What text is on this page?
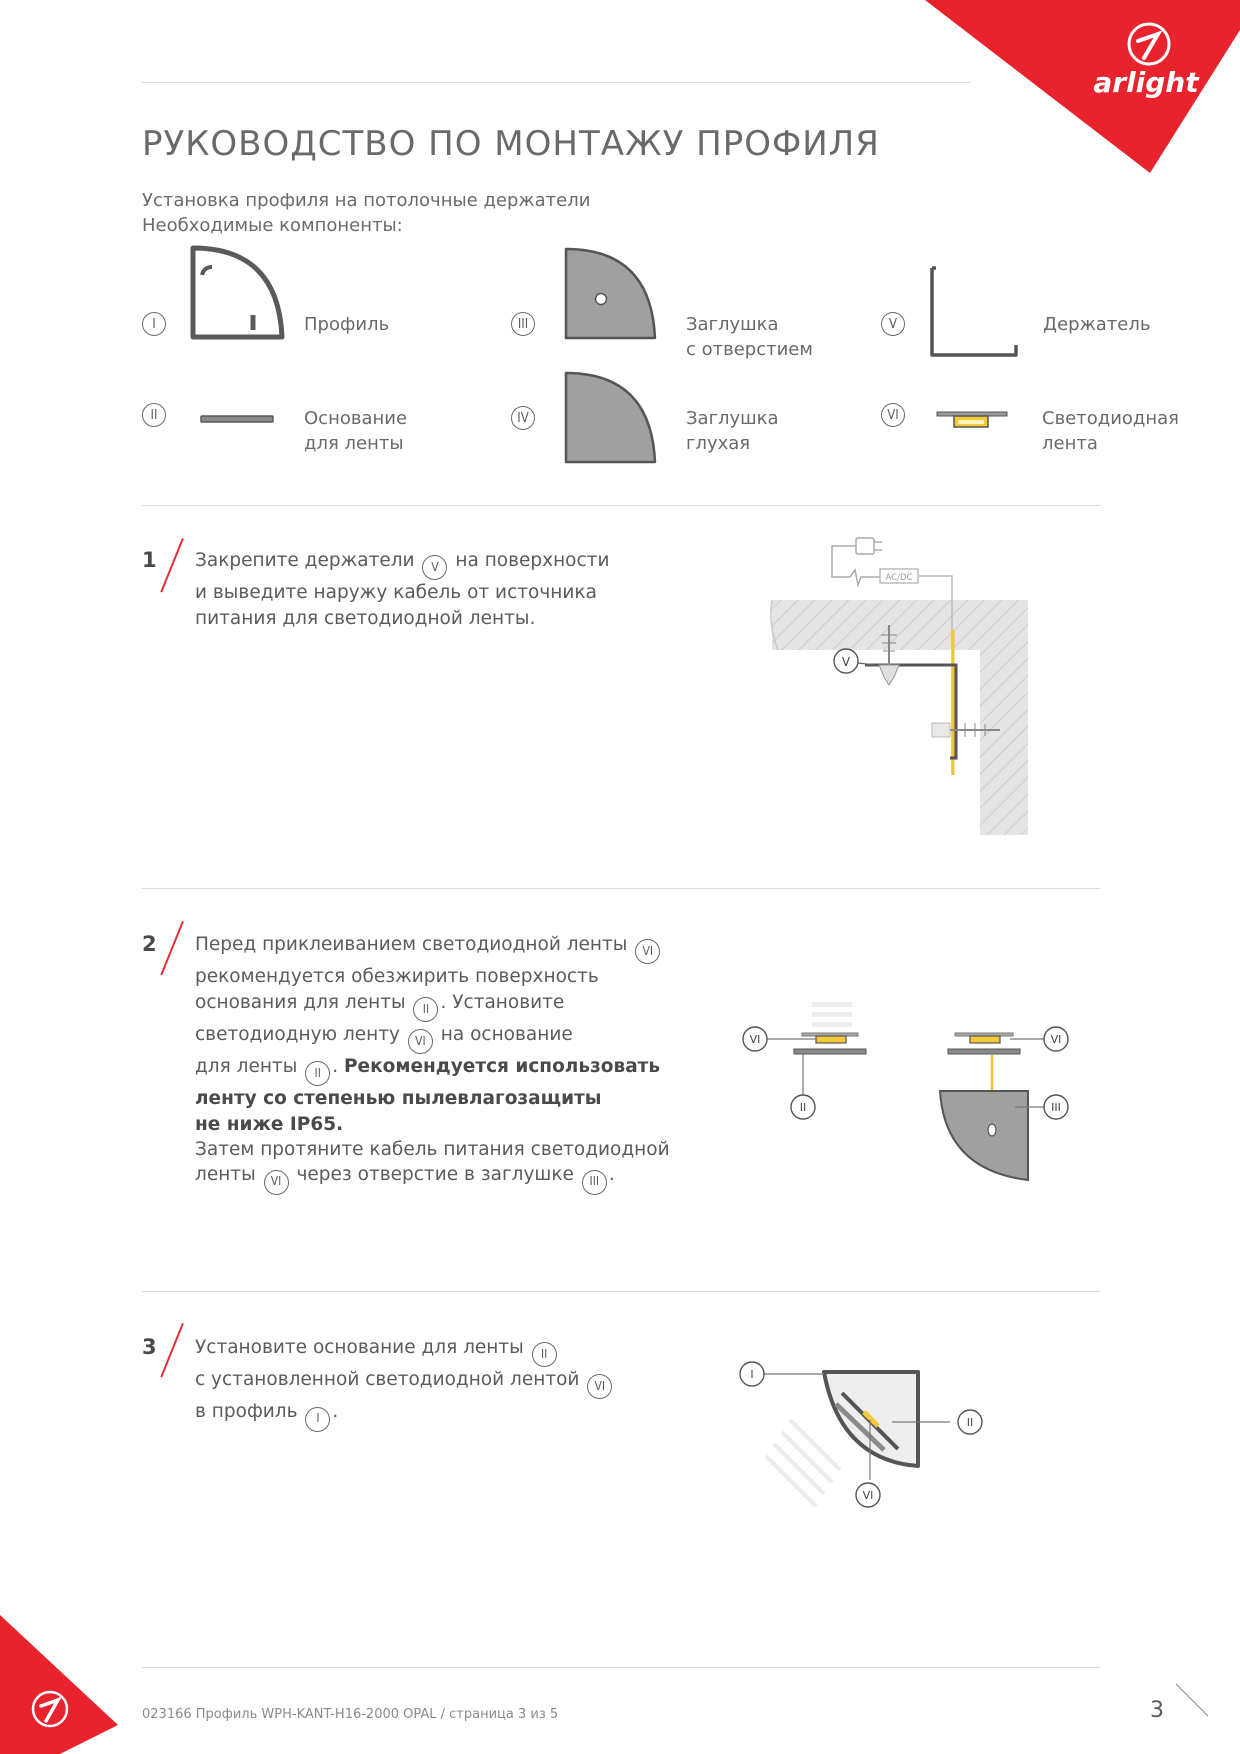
arlight
РУКОВОДСТВО ПО МОНТАЖУ ПРОФИЛЯ
Установка профиля на потолочные держатели
Необходимые компоненты:
I	Профиль
II	Основание
для ленты
III	Заглушка
с отверстием
IV	Заглушка
глухая
V	Держатель
VI	Светодиодная
лента
1 Закрепите держатели V на поверхности
и выведите наружу кабель от источника
питания для светодиодной ленты.
AC/DC
V
2 Перед приклеиванием светодиодной ленты VI
рекомендуется обезжирить поверхность
основания для ленты II . Установите
светодиодную ленту VI на основание
для ленты II . Рекомендуется использовать
ленту со степенью пылевлагозащиты
не ниже IP65.
Затем протяните кабель питания светодиодной
ленты VI через отверстие в заглушке III .
VI
II
VI
III
3 Установите основание для ленты II
с установленной светодиодной лентой VI
в профиль I .
I
II
VI
023166 Профиль WPH-KANT-H16-2000 OPAL / страница 3 из 5	3
